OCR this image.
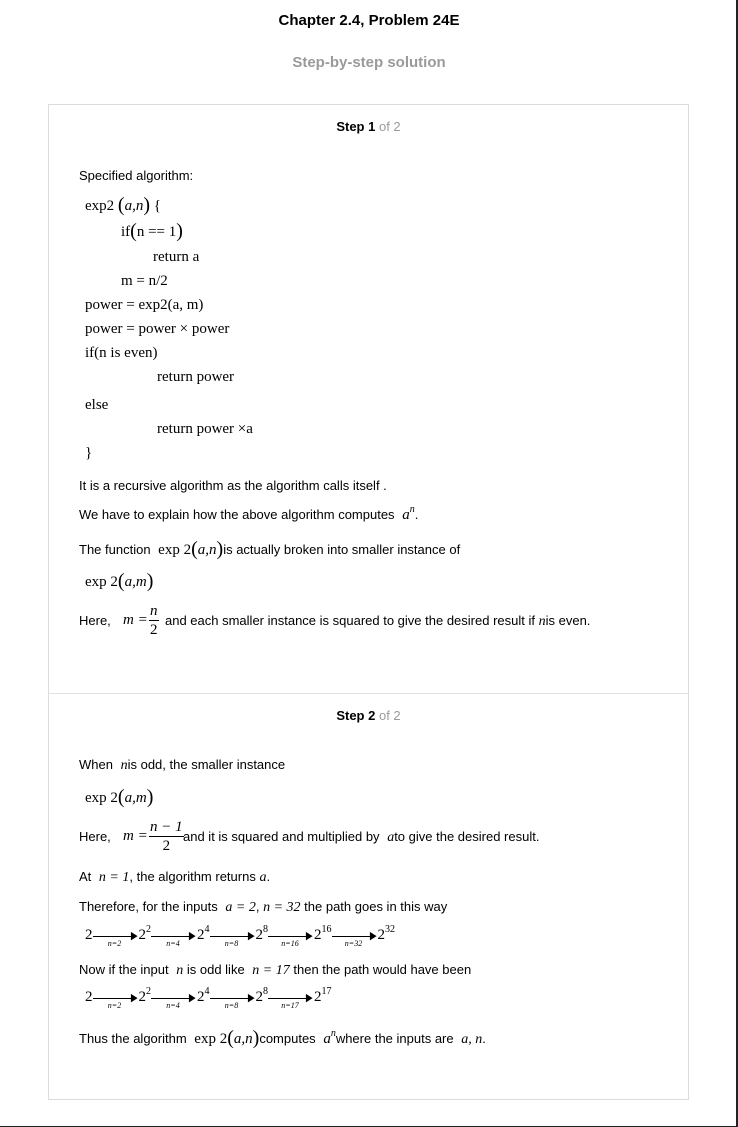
Chapter 2.4, Problem 24E
Step-by-step solution
Step 1 of 2
Specified algorithm:
exp2 (a,n) {
if(n == 1)
return a
m = n/2
power = exp2(a, m)
power = power × power
if(n is even)
return power
else
return power ×a
}
It is a recursive algorithm as the algorithm calls itself .
We have to explain how the above algorithm computes $a^n$.
The function exp 2(a,n)is actually broken into smaller instance of
exp 2(a,m)
Here, $m = \frac{n}{2}$ and each smaller instance is squared to give the desired result if nis even.
Step 2 of 2
When nis odd, the smaller instance
exp 2(a,m)
Here, $m = \frac{n - 1}{2}$ and it is squared and multiplied by ato give the desired result.
At n = 1, the algorithm returns a.
Therefore, for the inputs a = 2, n = 32 the path goes in this way
2	▶
n=2
$2^2$
▶
n=4
$2^4$
▶
n=8
$2^8$
▶
n=16
$2^{16}$
▶
n=32
$2^{32}$
Now if the input n is odd like n = 17 then the path would have been
2	▶
n=2
$2^2$
▶
n=4
$2^4$
▶
n=8
$2^8$
▶
n=17
$2^{17}$
Thus the algorithm exp 2(a,n)computes $a^nwhere$ the inputs are a, n.
